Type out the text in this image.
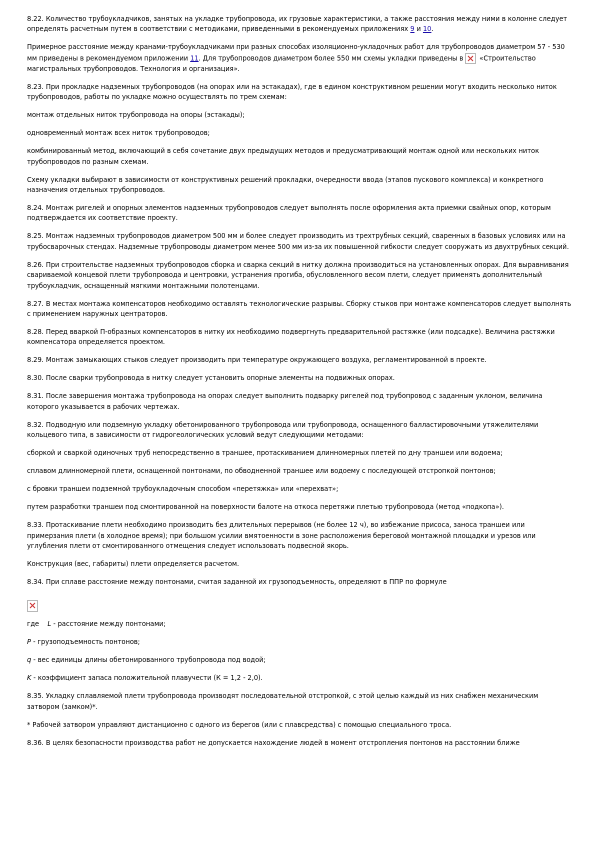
8.22. Количество трубоукладчиков, занятых на укладке трубопровода, их грузовые характеристики, а также расстояния между ними в колонне следует определять расчетным путем в соответствии с методиками, приведенными в рекомендуемых приложениях 9 и 10.

Примерное расстояние между кранами-трубоукладчиками при разных способах изоляционно-укладочных работ для трубопроводов диаметром 57 - 530 мм приведены в рекомендуемом приложении 11. Для трубопроводов диаметром более 550 мм схемы укладки приведены в «Строительство магистральных трубопроводов. Технология и организация».

8.23. При прокладке надземных трубопроводов (на опорах или на эстакадах), где в едином конструктивном решении могут входить несколько ниток трубопроводов, работы по укладке можно осуществлять по трем схемам:

монтаж отдельных ниток трубопровода на опоры (эстакады);

одновременный монтаж всех ниток трубопроводов;

комбинированный метод, включающий в себя сочетание двух предыдущих методов и предусматривающий монтаж одной или нескольких ниток трубопроводов по разным схемам.

Схему укладки выбирают в зависимости от конструктивных решений прокладки, очередности ввода (этапов пускового комплекса) и конкретного назначения отдельных трубопроводов.

8.24. Монтаж ригелей и опорных элементов надземных трубопроводов следует выполнять после оформления акта приемки свайных опор, которым подтверждается их соответствие проекту.

8.25. Монтаж надземных трубопроводов диаметром 500 мм и более следует производить из трехтрубных секций, сваренных в базовых условиях или на трубосварочных стендах. Надземные трубопроводы диаметром менее 500 мм из-за их повышенной гибкости следует сооружать из двухтрубных секций.

8.26. При строительстве надземных трубопроводов сборка и сварка секций в нитку должна производиться на установленных опорах. Для выравнивания свариваемой концевой плети трубопровода и центровки, устранения прогиба, обусловленного весом плети, следует применять дополнительный трубоукладчик, оснащенный мягкими монтажными полотенцами.

8.27. В местах монтажа компенсаторов необходимо оставлять технологические разрывы. Сборку стыков при монтаже компенсаторов следует выполнять с применением наружных центраторов.

8.28. Перед вваркой П-образных компенсаторов в нитку их необходимо подвергнуть предварительной растяжке (или подсадке). Величина растяжки компенсатора определяется проектом.

8.29. Монтаж замыкающих стыков следует производить при температуре окружающего воздуха, регламентированной в проекте.

8.30. После сварки трубопровода в нитку следует установить опорные элементы на подвижных опорах.

8.31. После завершения монтажа трубопровода на опорах следует выполнить подварку ригелей под трубопровод с заданным уклоном, величина которого указывается в рабочих чертежах.

8.32. Подводную или подземную укладку обетонированного трубопровода или трубопровода, оснащенного балластировочными утяжелителями кольцевого типа, в зависимости от гидрогеологических условий ведут следующими методами:

сборкой и сваркой одиночных труб непосредственно в траншее, протаскиванием длинномерных плетей по дну траншеи или водоема;

сплавом длинномерной плети, оснащенной понтонами, по обводненной траншее или водоему с последующей отстропкой понтонов;

с бровки траншеи подземной трубоукладочным способом «перетяжка» или «перехват»;

путем разработки траншеи под смонтированной на поверхности балоте на откоса перетяжи плетью трубопровода (метод «подкопа»).

8.33. Протаскивание плети необходимо производить без длительных перерывов (не более 12 ч), во избежание присоса, заноса траншеи или примерзания плети (в холодное время); при большом усилии вмятоенности в зоне расположения береговой монтажной площадки и урезов или углубления плети от смонтированного отмещения следует использовать подвесной якорь.

Конструкция (вес, габариты) плети определяется расчетом.

8.34. При сплаве расстояние между понтонами, считая заданной их грузоподъемность, определяют в ППР по формуле

где    L - расстояние между понтонами;

P - грузоподъемность понтонов;

q - вес единицы длины обетонированного трубопровода под водой;

K - коэффициент запаса положительной плавучести (К = 1,2 - 2,0).

8.35. Укладку сплавляемой плети трубопровода производят последовательной отстропкой, с этой целью каждый из них снабжен механическим затвором (замком)*.

* Рабочей затвором управляют дистанционно с одного из берегов (или с плавсредства) с помощью специального троса.

8.36. В целях безопасности производства работ не допускается нахождение людей в момент отстропления понтонов на расстоянии ближе
